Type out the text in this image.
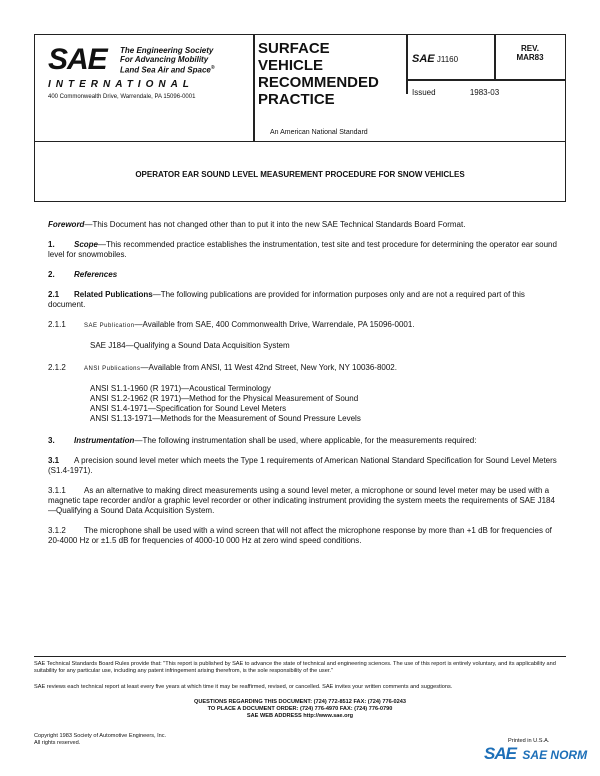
SAE The Engineering Society
For Advancing Mobility
Land Sea Air and Space®
INTERNATIONAL
400 Commonwealth Drive, Warrendale, PA 15096-0001
SURFACE
VEHICLE
RECOMMENDED
PRACTICE
An American National Standard
SAE J1160
REV.
MAR83
Issued	1983-03
OPERATOR EAR SOUND LEVEL MEASUREMENT PROCEDURE FOR SNOW VEHICLES

Foreword—This Document has not changed other than to put it into the new SAE Technical Standards Board Format.

1. Scope—This recommended practice establishes the instrumentation, test site and test procedure for determining the operator ear sound level for snowmobiles.

2. References

2.1 Related Publications—The following publications are provided for information purposes only and are not a required part of this document.

2.1.1	SAE Publication—Available from SAE, 400 Commonwealth Drive, Warrendale, PA 15096-0001.

SAE J184—Qualifying a Sound Data Acquisition System

2.1.2	ANSI Publications—Available from ANSI, 11 West 42nd Street, New York, NY 10036-8002.

ANSI S1.1-1960 (R 1971)—Acoustical Terminology

ANSI S1.2-1962 (R 1971)—Method for the Physical Measurement of Sound

ANSI S1.4-1971—Specification for Sound Level Meters

ANSI S1.13-1971—Methods for the Measurement of Sound Pressure Levels

3. Instrumentation—The following instrumentation shall be used, where applicable, for the measurements required:

3.1 A precision sound level meter which meets the Type 1 requirements of American National Standard Specification for Sound Level Meters (S1.4-1971).

3.1.1 As an alternative to making direct measurements using a sound level meter, a microphone or sound level meter may be used with a magnetic tape recorder and/or a graphic level recorder or other indicating instrument providing the system meets the requirements of SAE J184—Qualifying a Sound Data Acquisition System.

3.1.2 The microphone shall be used with a wind screen that will not affect the microphone response by more than +1 dB for frequencies of 20-4000 Hz or ±1.5 dB for frequencies of 4000-10 000 Hz at zero wind speed conditions.

SAE Technical Standards Board Rules provide that: "This report is published by SAE to advance the state of technical and engineering sciences. The use of this report is entirely voluntary, and its applicability and suitability for any particular use, including any patent infringement arising therefrom, is the sole responsibility of the user."
SAE reviews each technical report at least every five years at which time it may be reaffirmed, revised, or cancelled. SAE invites your written comments and suggestions.
QUESTIONS REGARDING THIS DOCUMENT: (724) 772-8512 FAX: (724) 776-0243
TO PLACE A DOCUMENT ORDER: (724) 776-4970 FAX: (724) 776-0790
SAE WEB ADDRESS http://www.sae.org
Copyright 1983 Society of Automotive Engineers, Inc.
All rights reserved.	Printed in U.S.A.
SAE SAE NORM
